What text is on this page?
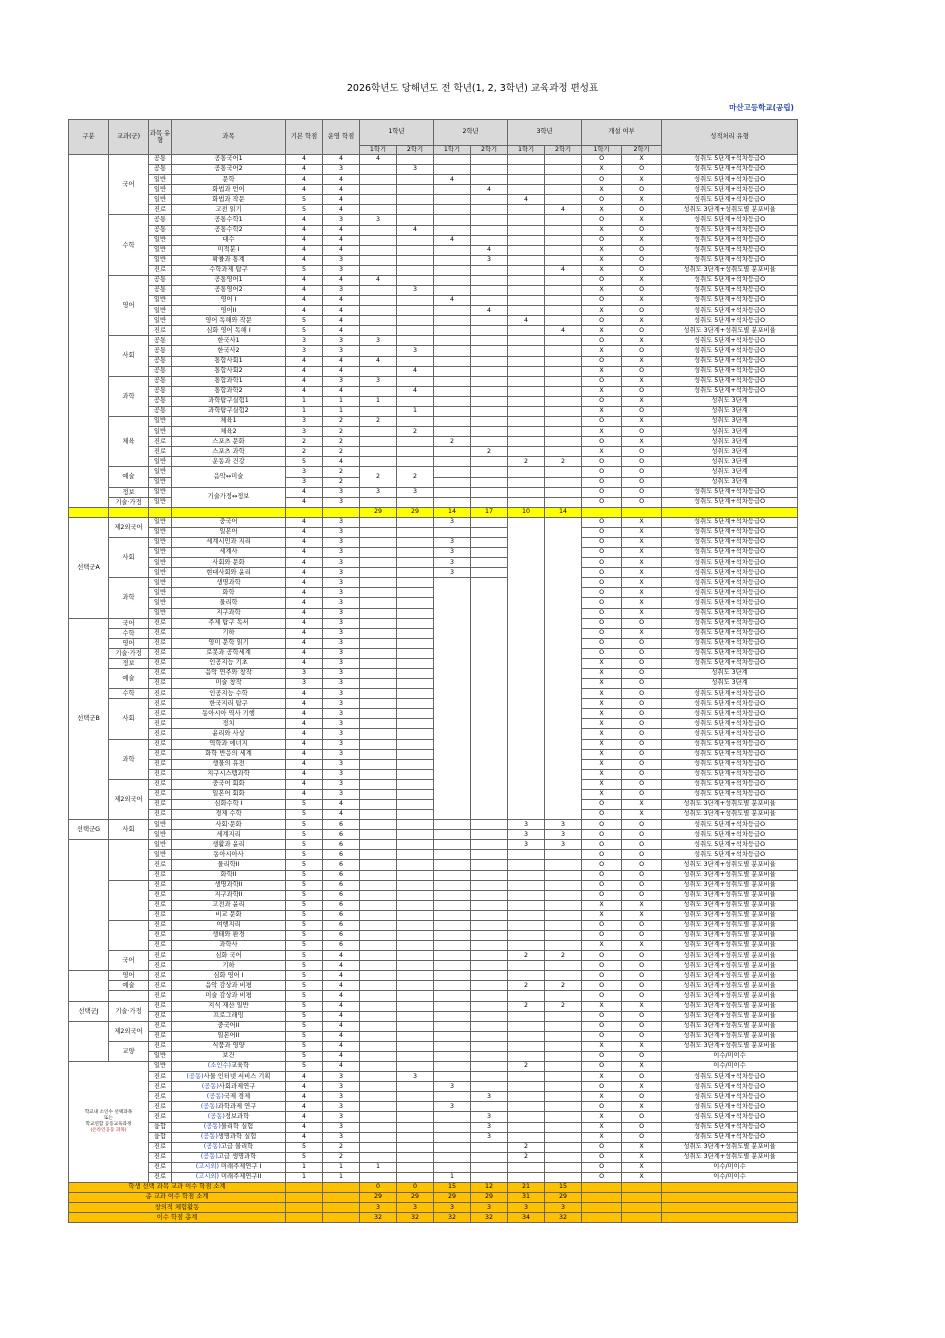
2026학년도 당해년도 전 학년(1, 2, 3학년) 교육과정 편성표
마산고등학교(공립)
구분	교과(군)	과목 유형	과목	기본 학점	운영 학점	1학년		2학년		3학년		개설 여부		성적처리 유형
						1학기	2학기	1학기	2학기	1학기	2학기	1학기	2학기	
	국어	공통	공통국어1	4	4	4						O	X	성취도 5단계+석차등급O
		공통	공통국어2	4	3		3					X	O	성취도 5단계+석차등급O
		일반	문학	4	4			4				O	X	성취도 5단계+석차등급O
		일반	화법과 언어	4	4				4			X	O	성취도 5단계+석차등급O
		일반	화법과 작문	5	4					4		O	X	성취도 5단계+석차등급O
		진로	고전 읽기	5	4						4	X	O	성취도 3단계+성취도별 분포비율
	수학	공통	공통수학1	4	3	3						O	X	성취도 5단계+석차등급O
		공통	공통수학2	4	4		4					X	O	성취도 5단계+석차등급O
		일반	대수	4	4			4				O	X	성취도 5단계+석차등급O
		일반	미적분 I	4	4				4			X	O	성취도 5단계+석차등급O
		일반	확률과 통계	4	3				3			X	O	성취도 5단계+석차등급O
		진로	수학과제 탐구	5	3						4	X	O	성취도 3단계+성취도별 분포비율
	영어	공통	공통영어1	4	4	4						O	X	성취도 5단계+석차등급O
		공통	공통영어2	4	3		3					X	O	성취도 5단계+석차등급O
		일반	영어 I	4	4			4				O	X	성취도 5단계+석차등급O
		일반	영어II	4	4				4			X	O	성취도 5단계+석차등급O
		일반	영어 독해와 작문	5	4					4		O	X	성취도 5단계+석차등급O
		진로	심화 영어 독해 I	5	4						4	X	O	성취도 3단계+성취도별 분포비율
	사회	공통	한국사1	3	3	3						O	X	성취도 5단계+석차등급O
		공통	한국사2	3	3		3					X	O	성취도 5단계+석차등급O
		공통	통합사회1	4	4	4						O	X	성취도 5단계+석차등급O
		공통	통합사회2	4	4		4					X	O	성취도 5단계+석차등급O
	과학	공통	통합과학1	4	3	3						O	X	성취도 5단계+석차등급O
		공통	통합과학2	4	4		4					X	O	성취도 5단계+석차등급O
		공통	과학탐구실험1	1	1	1						O	X	성취도 3단계
		공통	과학탐구실험2	1	1		1					X	O	성취도 3단계
	체육	일반	체육1	3	2	2						O	X	성취도 3단계
		일반	체육2	3	2		2					X	O	성취도 3단계
		진로	스포츠 문화	2	2			2				O	X	성취도 3단계
		진로	스포츠 과학	2	2				2			X	O	성취도 3단계
		일반	운동과 건강	5	4					2	2	O	O	성취도 3단계
	예술	일반	음악↔미술	3	2	2	2					O	O	성취도 3단계
		일반		3	2							O	O	성취도 3단계
	정보	일반	기술가정↔정보	4	3	3	3					O	O	성취도 5단계+석차등급O
	기술·가정	일반		4	3							O	O	성취도 5단계+석차등급O
						29	29	14	17	10	14			
선택군A	제2외국어	일반	중국어	4	3			3				O	X	성취도 5단계+석차등급O
		일반	일본어	4	3							O	X	성취도 5단계+석차등급O
	사회	일반	세계시민과 지리	4	3			3				O	X	성취도 5단계+석차등급O
		일반	세계사	4	3			3				O	X	성취도 5단계+석차등급O
		일반	사회와 문화	4	3			3				O	X	성취도 5단계+석차등급O
		일반	현대사회와 윤리	4	3			3				O	X	성취도 5단계+석차등급O
	과학	일반	생명과학	4	3							O	X	성취도 5단계+석차등급O
		일반	화학	4	3							O	X	성취도 5단계+석차등급O
		일반	물리학	4	3							O	X	성취도 5단계+석차등급O
		일반	지구과학	4	3							O	X	성취도 5단계+석차등급O
선택군B	국어	진로	주제 탐구 독서	4	3							O	O	성취도 5단계+석차등급O
	수학	진로	기하	4	3							O	X	성취도 5단계+석차등급O
	영어	진로	영미 문학 읽기	4	3							O	O	성취도 5단계+석차등급O
	기술·가정	진로	로봇과 공학세계	4	3							O	O	성취도 5단계+석차등급O
	정보	진로	인공지능 기초	4	3							X	O	성취도 5단계+석차등급O
	예술	진로	음악 연주와 창작	3	3							X	O	성취도 3단계
		진로	미술 창작	3	3							X	O	성취도 3단계
	수학	진로	인공지능 수학	4	3							X	O	성취도 5단계+석차등급O
	사회	진로	한국지리 탐구	4	3							X	O	성취도 5단계+석차등급O
		진로	동아시아 역사 기행	4	3							X	O	성취도 5단계+석차등급O
		진로	정치	4	3							X	O	성취도 5단계+석차등급O
		진로	윤리와 사상	4	3							X	O	성취도 5단계+석차등급O
	과학	진로	역학과 에너지	4	3							X	O	성취도 5단계+석차등급O
		진로	화학 반응의 세계	4	3							X	O	성취도 5단계+석차등급O
		진로	생물의 유전	4	3							X	O	성취도 5단계+석차등급O
		진로	지구시스템과학	4	3							X	O	성취도 5단계+석차등급O
	제2외국어	진로	중국어 회화	4	3							X	O	성취도 5단계+석차등급O
		진로	일본어 회화	4	3							X	O	성취도 5단계+석차등급O
		진로	심화수학 I	5	4							O	X	성취도 3단계+성취도별 분포비율
		진로	경제 수학	5	4							O	X	성취도 3단계+성취도별 분포비율
선택군G	사회	일반	사회·문화	5	6					3	3	O	O	성취도 5단계+석차등급O
		일반	세계지리	5	6					3	3	O	O	성취도 5단계+석차등급O
		일반	생활과 윤리	5	6					3	3	O	O	성취도 5단계+석차등급O
		일반	동아시아사	5	6							O	O	성취도 5단계+석차등급O
		진로	물리학II	5	6							O	O	성취도 3단계+성취도별 분포비율
		진로	화학II	5	6							O	O	성취도 3단계+성취도별 분포비율
		진로	생명과학II	5	6							O	O	성취도 3단계+성취도별 분포비율
		진로	지구과학II	5	6							O	O	성취도 3단계+성취도별 분포비율
		진로	고전과 윤리	5	6							X	X	성취도 3단계+성취도별 분포비율
		진로	비교 문화	5	6							X	X	성취도 3단계+성취도별 분포비율
		진로	여행지리	5	6							O	O	성취도 3단계+성취도별 분포비율
		진로	생태와 환경	5	6							O	O	성취도 3단계+성취도별 분포비율
		진로	과학사	5	6							X	X	성취도 3단계+성취도별 분포비율
	국어	진로	심화 국어	5	4					2	2	O	O	성취도 3단계+성취도별 분포비율
		진로	기하	5	4							O	O	성취도 3단계+성취도별 분포비율
	영어	진로	심화 영어 I	5	4							O	O	성취도 3단계+성취도별 분포비율
	예술	진로	음악 감상과 비평	5	4					2	2	O	O	성취도 3단계+성취도별 분포비율
		진로	미술 감상과 비평	5	4							O	O	성취도 3단계+성취도별 분포비율
선택군J	기술·가정	진로	지식 재산 일반	5	4					2	2	X	X	성취도 3단계+성취도별 분포비율
		진로	프로그래밍	5	4							O	O	성취도 3단계+성취도별 분포비율
	제2외국어	진로	중국어II	5	4							O	O	성취도 3단계+성취도별 분포비율
		진로	일본어II	5	4							O	O	성취도 3단계+성취도별 분포비율
	교양	진로	식품과 영양	5	4							X	X	성취도 3단계+성취도별 분포비율
		일반	보건	5	4							O	O	이수/미이수

학교내 소인수 선택과목
또는
학교연합 공동교육과정
(온라인공동 과목)		일반	(소인수)교육학	5	4					2		O	X	이수/미이수
		진로	(공동)사물 인터넷 서비스 기획	4	3		3					X	O	성취도 5단계+석차등급O
		진로	(공동)사회과제연구	4	3			3				O	X	성취도 5단계+석차등급O
		진로	(공동)국제 경제	4	3				3			X	O	성취도 5단계+석차등급O
		진로	(공동)과학과제 연구	4	3			3				O	X	성취도 5단계+석차등급O
		진로	(공동)정보과학	4	3				3			X	O	성취도 5단계+석차등급O
		융합	(공동)물리학 실험	4	3				3			X	O	성취도 5단계+석차등급O
		융합	(공동)생명과학 실험	4	3				3			X	O	성취도 5단계+석차등급O
		진로	(공동)고급 물리학	5	2					2		O	X	성취도 3단계+성취도별 분포비율
		진로	(공동)고급 생명과학	5	2					2		O	X	성취도 3단계+성취도별 분포비율
		진로	(고시외) 미래주제연구 I	1	1	1						O	X	이수/미이수
		진로	(고시외) 미래주제연구II	1	1			1				O	X	이수/미이수
학생 선택 과목 교과 이수 학점 소계						0	0	15	12	21	15			
총 교과 이수 학점 소계						29	29	29	29	31	29			
창의적 체험활동						3	3	3	3	3	3			
이수 학점 총계						32	32	32	32	34	32			
